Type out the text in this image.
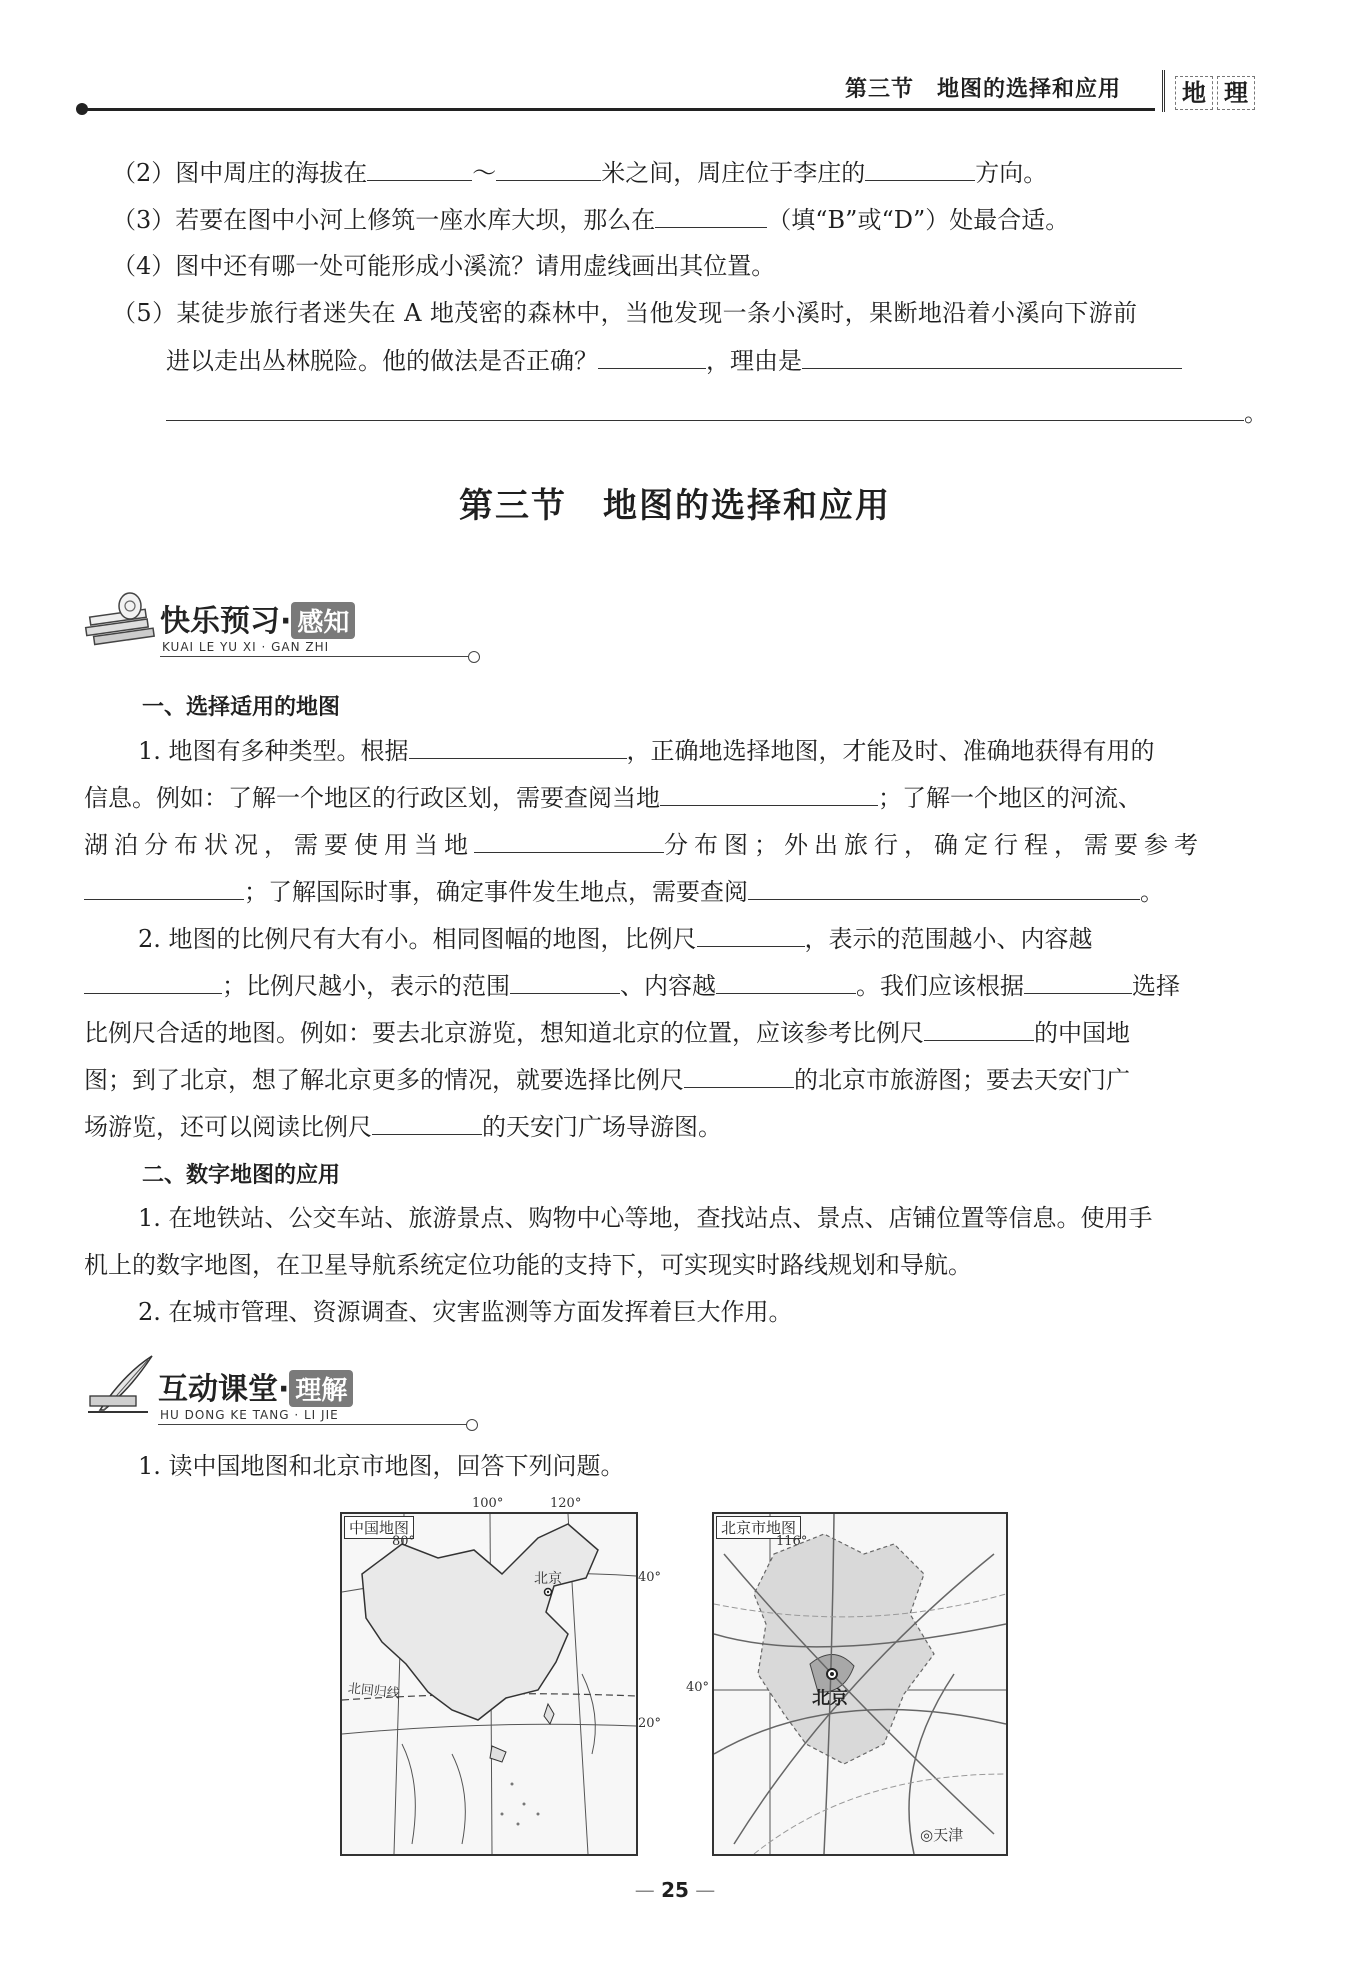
第三节　地图的选择和应用	地 理
（2）图中周庄的海拔在	～	米之间，周庄位于李庄的	方向。
（3）若要在图中小河上修筑一座水库大坝，那么在	（填“B”或“D”）处最合适。
（4）图中还有哪一处可能形成小溪流？请用虚线画出其位置。
（5）某徒步旅行者迷失在 A 地茂密的森林中，当他发现一条小溪时，果断地沿着小溪向下游前
进以走出丛林脱险。他的做法是否正确？	，理由是
。
第三节　地图的选择和应用
快乐预习· 感知
KUAI LE YU XI · GAN ZHI
一、选择适用的地图
1. 地图有多种类型。根据	，正确地选择地图，才能及时、准确地获得有用的
信息。例如：了解一个地区的行政区划，需要查阅当地	；了解一个地区的河流、
湖泊分布状况，需要使用当地	分布图；外出旅行，确定行程，需要参考
；了解国际时事，确定事件发生地点，需要查阅	。
2. 地图的比例尺有大有小。相同图幅的地图，比例尺	，表示的范围越小、内容越
；比例尺越小，表示的范围	、内容越	。我们应该根据	选择
比例尺合适的地图。例如：要去北京游览，想知道北京的位置，应该参考比例尺	的中国地
图；到了北京，想了解北京更多的情况，就要选择比例尺	的北京市旅游图；要去天安门广
场游览，还可以阅读比例尺	的天安门广场导游图。
二、数字地图的应用
1. 在地铁站、公交车站、旅游景点、购物中心等地，查找站点、景点、店铺位置等信息。使用手
机上的数字地图，在卫星导航系统定位功能的支持下，可实现实时路线规划和导航。
2. 在城市管理、资源调查、灾害监测等方面发挥着巨大作用。
互动课堂· 理解
HU DONG KE TANG · LI JIE
1. 读中国地图和北京市地图，回答下列问题。
中国地图
80°
北京
北回归线
100°	120°
40°
20°
北京市地图
116°
北京
◎天津
40°
— 25 —
